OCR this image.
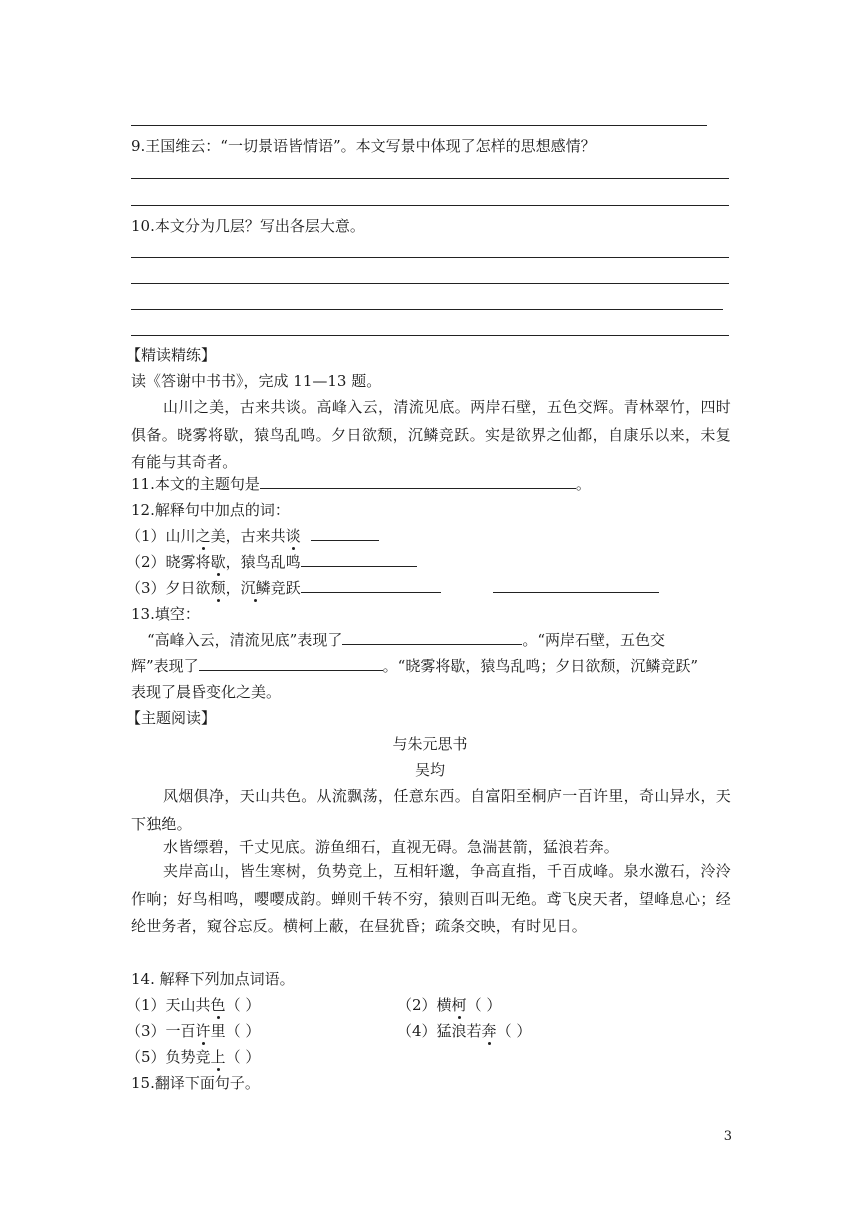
9.王国维云：“一切景语皆情语”。本文写景中体现了怎样的思想感情？
10.本文分为几层？写出各层大意。
【精读精练】
读《答谢中书书》，完成 11—13 题。
山川之美，古来共谈。高峰入云，清流见底。两岸石壁，五色交辉。青林翠竹，四时俱备。晓雾将歇，猿鸟乱鸣。夕日欲颓，沉鳞竞跃。实是欲界之仙都，自康乐以来，未复有能与其奇者。
11.本文的主题句是	。
12.解释句中加点的词：
（1）山川之美，古来共谈
（2）晓雾将歇，猿鸟乱鸣
（3）夕日欲颓，沉鳞竞跃
13.填空：
“高峰入云，清流见底”表现了	。“两岸石壁，五色交
辉”表现了	。“晓雾将歇，猿鸟乱鸣；夕日欲颓，沉鳞竞跃”
表现了晨昏变化之美。
【主题阅读】
与朱元思书
吴均
风烟俱净，天山共色。从流飘荡，任意东西。自富阳至桐庐一百许里，奇山异水，天下独绝。
水皆缥碧，千丈见底。游鱼细石，直视无碍。急湍甚箭，猛浪若奔。
夹岸高山，皆生寒树，负势竞上，互相轩邈，争高直指，千百成峰。泉水激石，泠泠作响；好鸟相鸣，嘤嘤成韵。蝉则千转不穷，猿则百叫无绝。鸢飞戾天者，望峰息心；经纶世务者，窥谷忘反。横柯上蔽，在昼犹昏；疏条交映，有时见日。
14. 解释下列加点词语。
（1）天山共色（ ）	（2）横柯（ ）
（3）一百许里（ ）	（4）猛浪若奔（ ）
（5）负势竞上（ ）
15.翻译下面句子。
3
